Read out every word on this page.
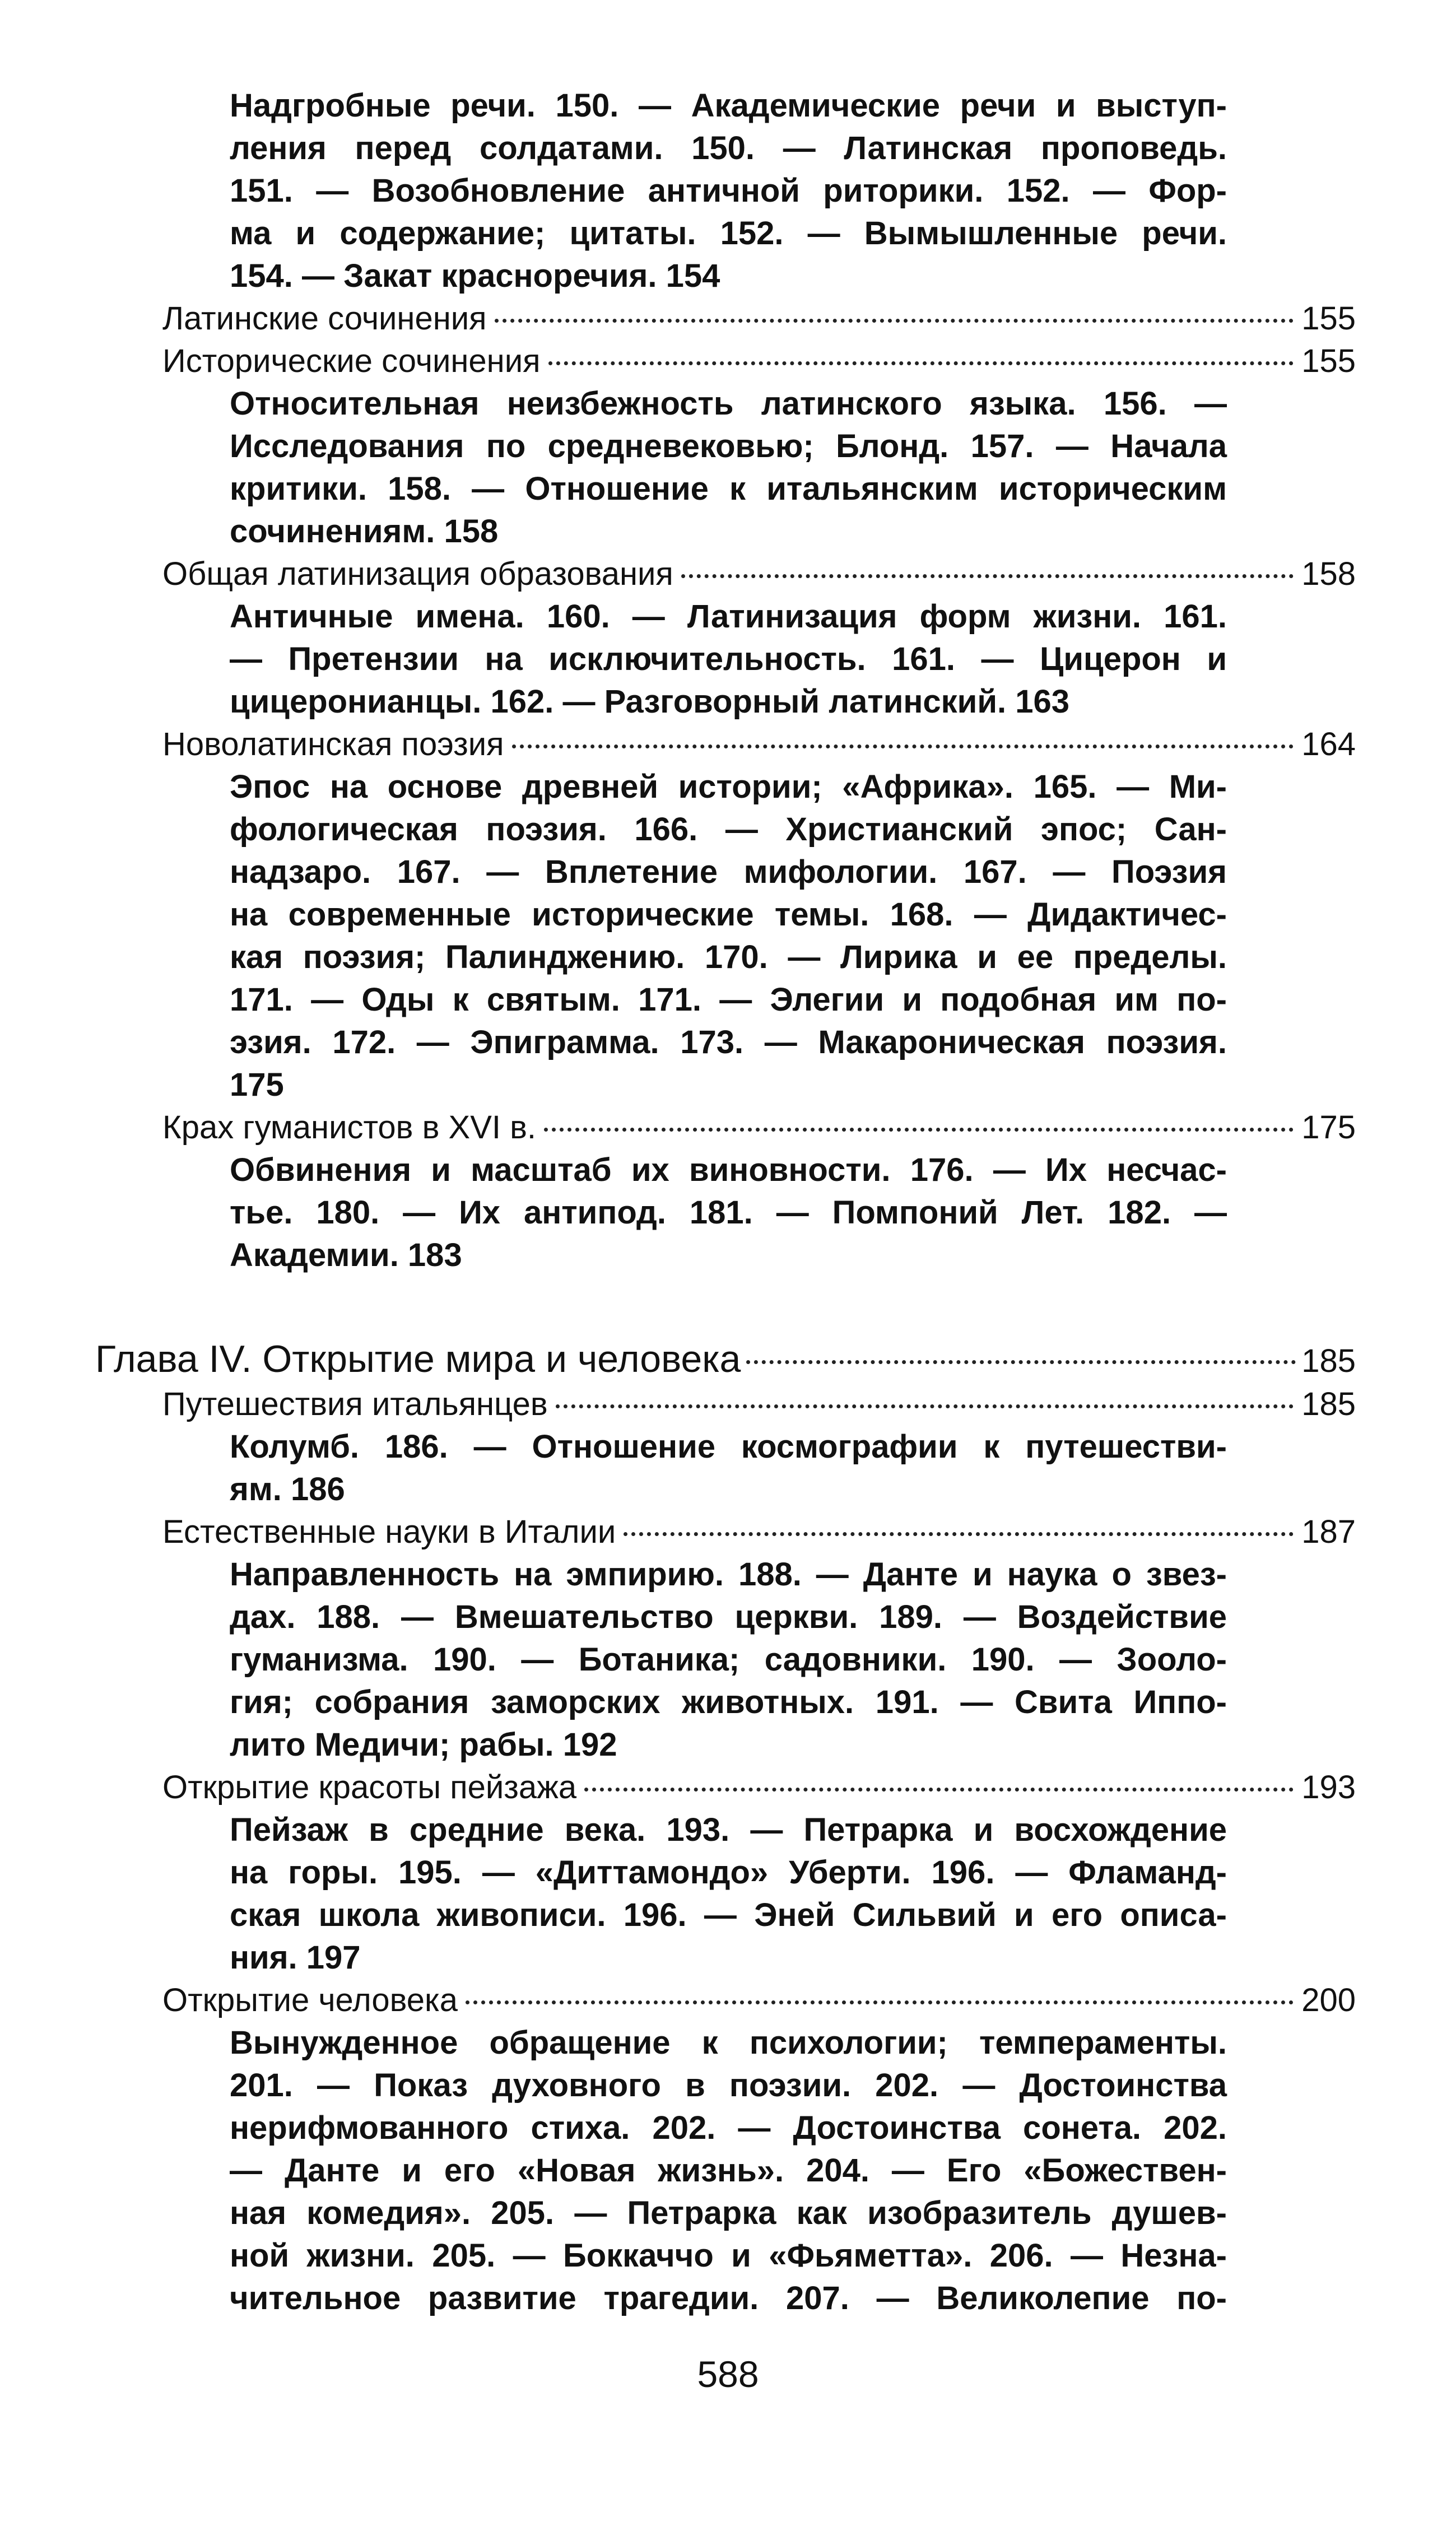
Надгробные речи. 150. — Академические речи и выступ-
ления перед солдатами. 150. — Латинская проповедь.
151. — Возобновление античной риторики. 152. — Фор-
ма и содержание; цитаты. 152. — Вымышленные речи.
154. — Закат красноречия. 154
Латинские сочинения	155
Исторические сочинения	155
Относительная неизбежность латинского языка. 156. —
Исследования по средневековью; Блонд. 157. — Начала
критики. 158. — Отношение к итальянским историческим
сочинениям. 158
Общая латинизация образования	158
Античные имена. 160. — Латинизация форм жизни. 161.
— Претензии на исключительность. 161. — Цицерон и
цицеронианцы. 162. — Разговорный латинский. 163
Новолатинская поэзия	164
Эпос на основе древней истории; «Африка». 165. — Ми-
фологическая поэзия. 166. — Христианский эпос; Сан-
надзаро. 167. — Вплетение мифологии. 167. — Поэзия
на современные исторические темы. 168. — Дидактичес-
кая поэзия; Палинджению. 170. — Лирика и ее пределы.
171. — Оды к святым. 171. — Элегии и подобная им по-
эзия. 172. — Эпиграмма. 173. — Макароническая поэзия.
175
Крах гуманистов в XVI в.	175
Обвинения и масштаб их виновности. 176. — Их несчас-
тье. 180. — Их антипод. 181. — Помпоний Лет. 182. —
Академии. 183
Глава IV. Открытие мира и человека	185
Путешествия итальянцев	185
Колумб. 186. — Отношение космографии к путешестви-
ям. 186
Естественные науки в Италии	187
Направленность на эмпирию. 188. — Данте и наука о звез-
дах. 188. — Вмешательство церкви. 189. — Воздействие
гуманизма. 190. — Ботаника; садовники. 190. — Зооло-
гия; собрания заморских животных. 191. — Свита Иппо-
лито Медичи; рабы. 192
Открытие красоты пейзажа	193
Пейзаж в средние века. 193. — Петрарка и восхождение
на горы. 195. — «Диттамондо» Уберти. 196. — Фламанд-
ская школа живописи. 196. — Эней Сильвий и его описа-
ния. 197
Открытие человека	200
Вынужденное обращение к психологии; темпераменты.
201. — Показ духовного в поэзии. 202. — Достоинства
нерифмованного стиха. 202. — Достоинства сонета. 202.
— Данте и его «Новая жизнь». 204. — Его «Божествен-
ная комедия». 205. — Петрарка как изобразитель душев-
ной жизни. 205. — Боккаччо и «Фьяметта». 206. — Незна-
чительное развитие трагедии. 207. — Великолепие по-
588
